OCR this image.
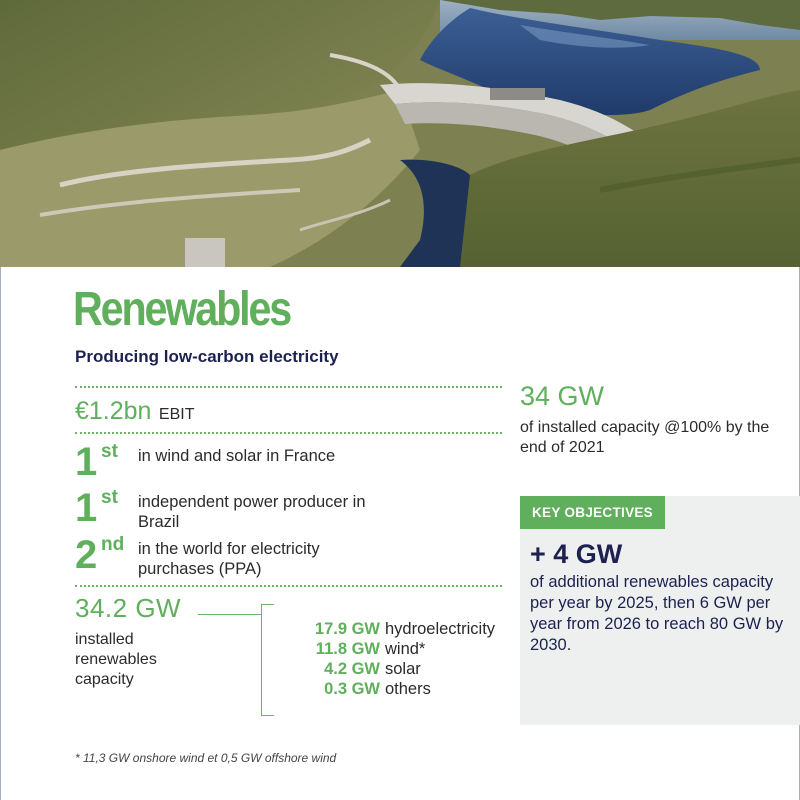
Renewables

Producing low-carbon electricity

€1.2bn EBIT
1 st in wind and solar in France
1 st independent power producer in Brazil
2 nd in the world for electricity purchases (PPA)
34.2 GW
installed renewables capacity
17.9 GW hydroelectricity
11.8 GW wind*
4.2 GW solar
0.3 GW others
34 GW
of installed capacity @100% by the end of 2021
KEY OBJECTIVES
+ 4 GW
of additional renewables capacity per year by 2025, then 6 GW per year from 2026 to reach 80 GW by 2030.
* 11,3 GW onshore wind et 0,5 GW offshore wind
